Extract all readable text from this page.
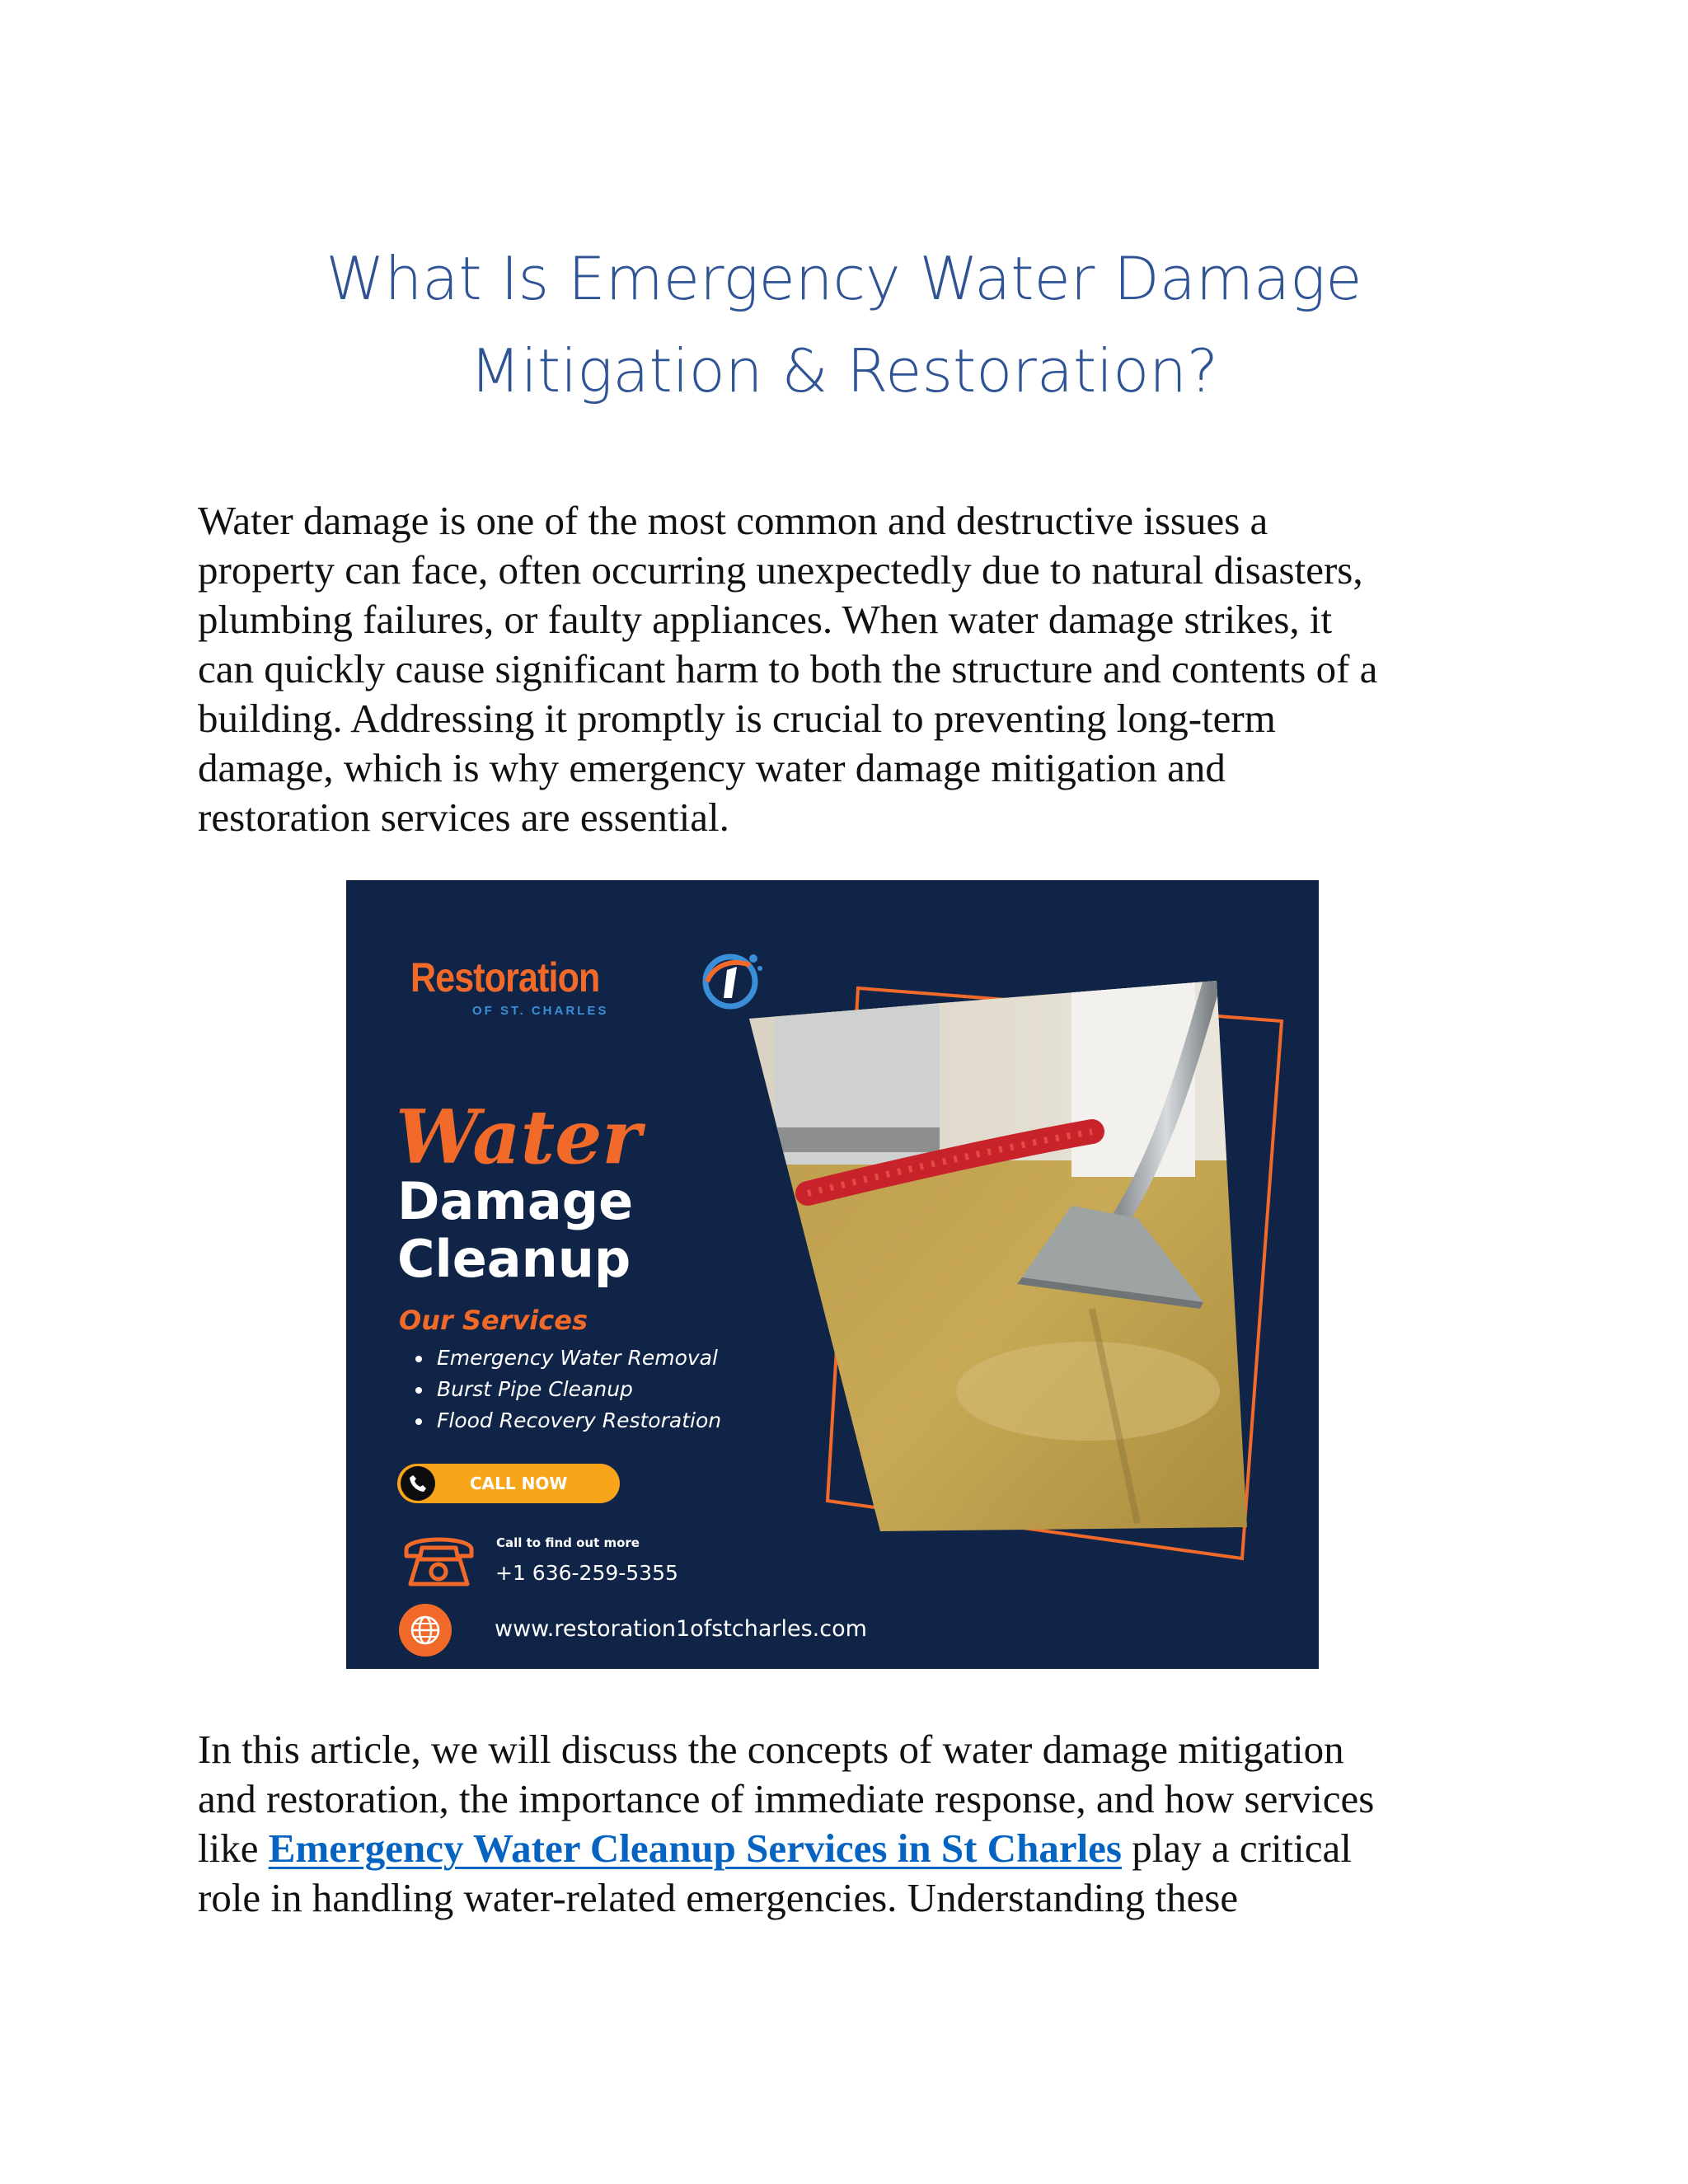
What Is Emergency Water Damage
Mitigation & Restoration?

Water damage is one of the most common and destructive issues a
property can face, often occurring unexpectedly due to natural disasters,
plumbing failures, or faulty appliances. When water damage strikes, it
can quickly cause significant harm to both the structure and contents of a
building. Addressing it promptly is crucial to preventing long-term
damage, which is why emergency water damage mitigation and
restoration services are essential.

Restoration
OF ST. CHARLES
Water
Damage
Cleanup
Our Services
Emergency Water Removal
Burst Pipe Cleanup
Flood Recovery Restoration
CALL NOW
Call to find out more
+1 636-259-5355
www.restoration1ofstcharles.com

In this article, we will discuss the concepts of water damage mitigation
and restoration, the importance of immediate response, and how services
like Emergency Water Cleanup Services in St Charles play a critical
role in handling water-related emergencies. Understanding these
